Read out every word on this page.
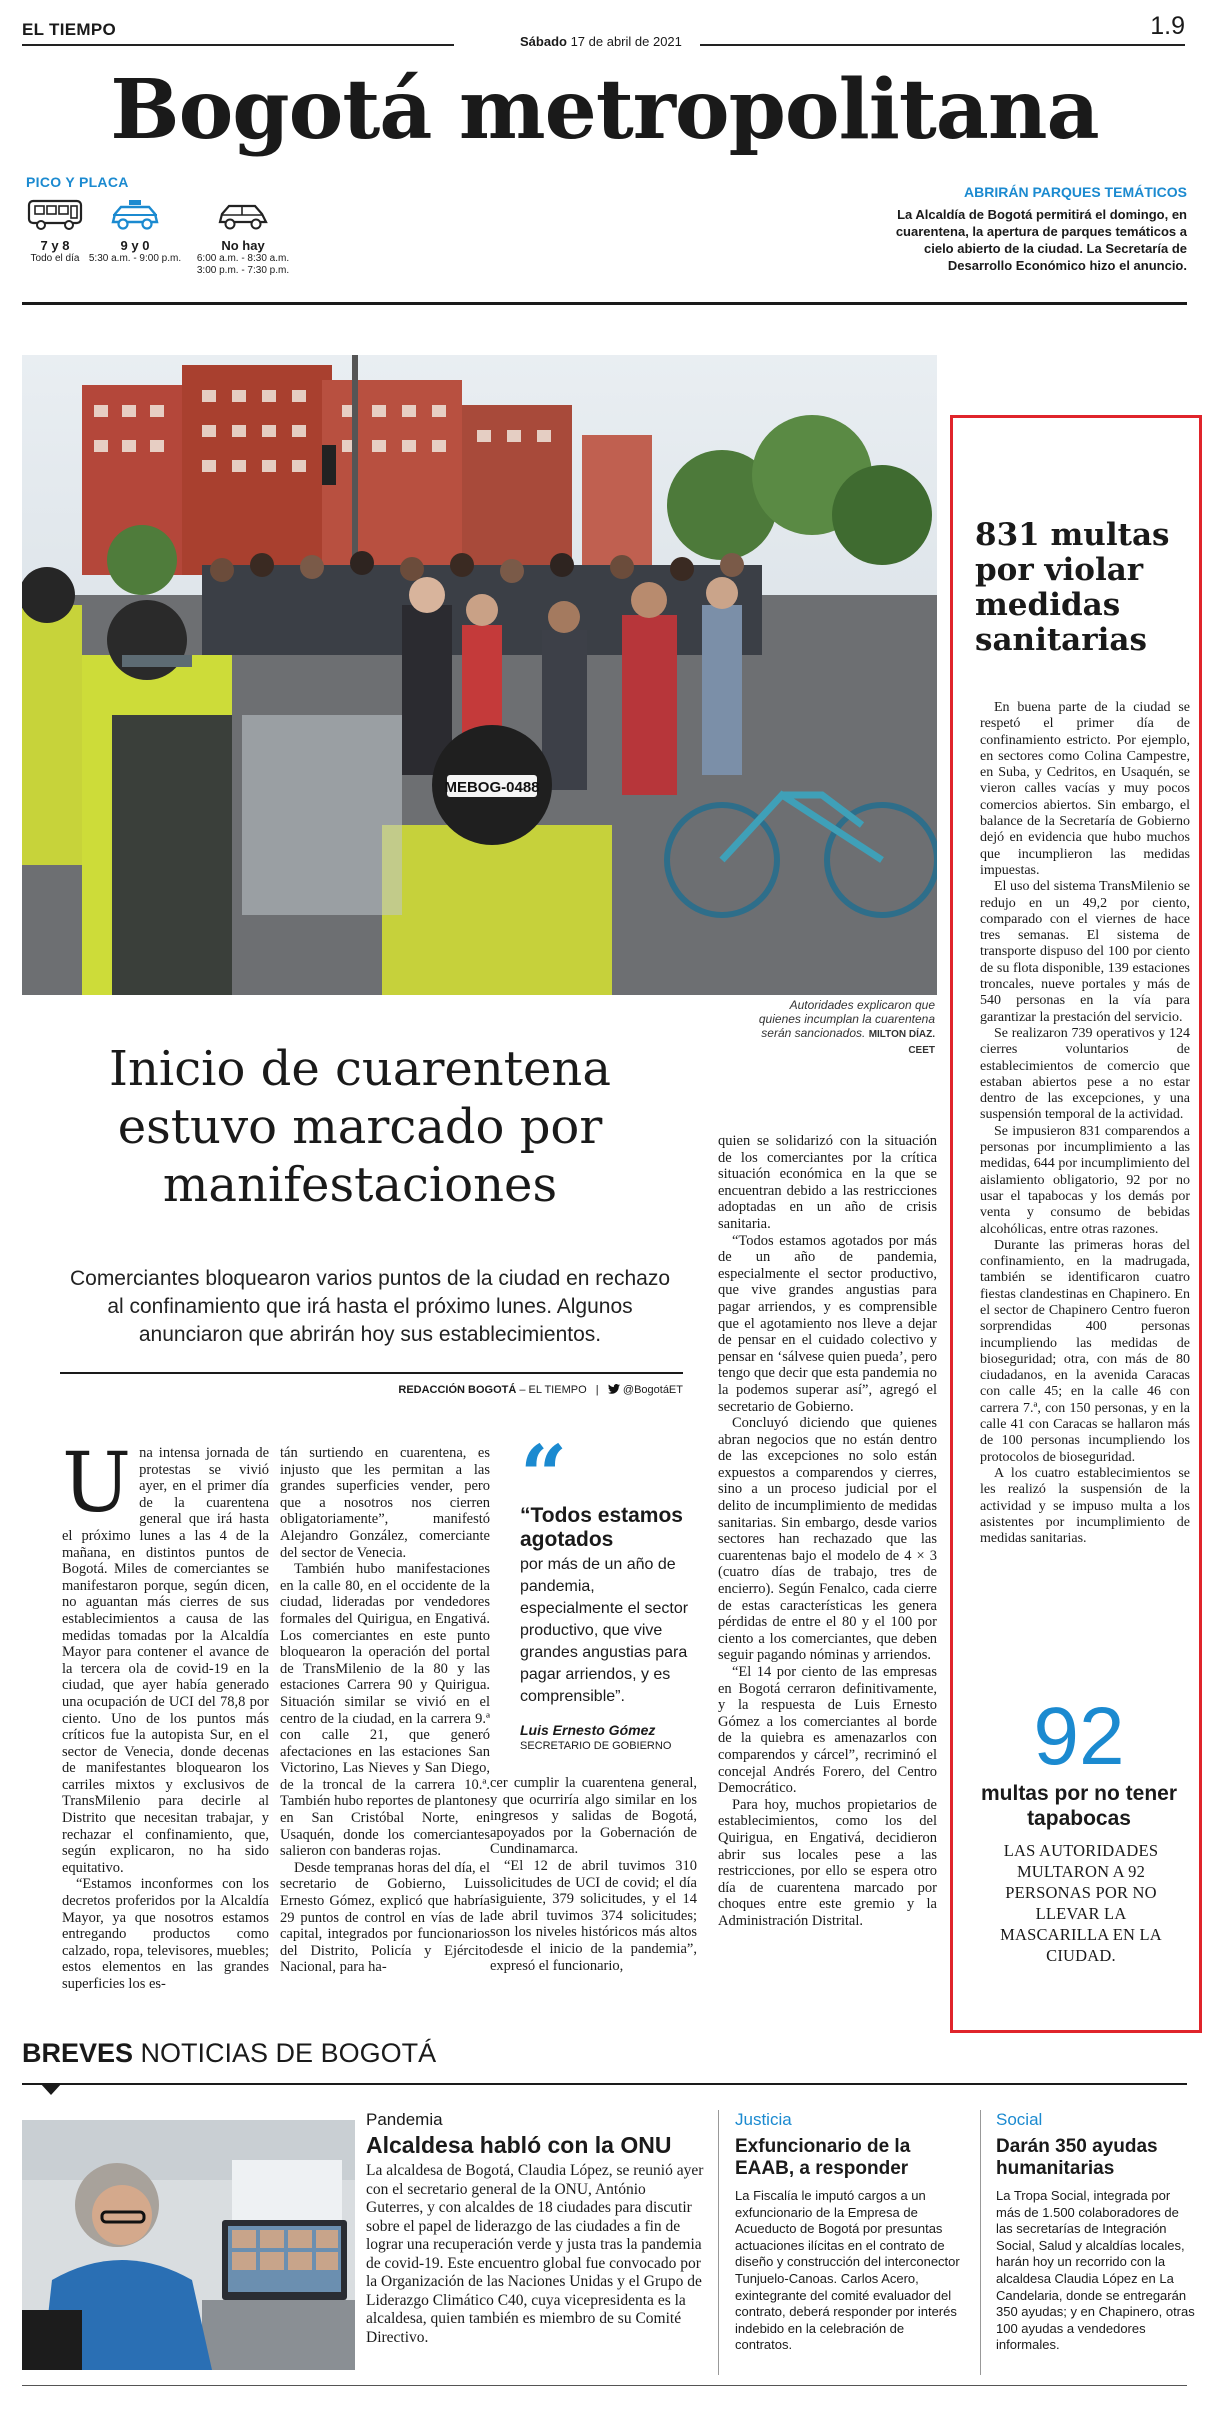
EL TIEMPO
Sábado 17 de abril de 2021
1.9
Bogotá metropolitana
PICO Y PLACA
7 y 8
Todo el día
9 y 0
5:30 a.m. - 9:00 p.m.
No hay
6:00 a.m. - 8:30 a.m.
3:00 p.m. - 7:30 p.m.
ABRIRÁN PARQUES TEMÁTICOS
La Alcaldía de Bogotá permitirá el domingo, en cuarentena, la apertura de parques temáticos a cielo abierto de la ciudad. La Secretaría de Desarrollo Económico hizo el anuncio.
MEBOG-0488
Autoridades explicaron que quienes incumplan la cuarentena serán sancionados. MILTON DÍAZ. CEET
Inicio de cuarentena estuvo marcado por manifestaciones
Comerciantes bloquearon varios puntos de la ciudad en rechazo al confinamiento que irá hasta el próximo lunes. Algunos anunciaron que abrirán hoy sus establecimientos.
REDACCIÓN BOGOTÁ – EL TIEMPO   |    @BogotáET
U na intensa jornada de protestas se vivió ayer, en el primer día de la cuarentena general que irá hasta el próximo lunes a las 4 de la mañana, en distintos puntos de Bogotá. Miles de comerciantes se manifestaron porque, según dicen, no aguantan más cierres de sus establecimientos a causa de las medidas tomadas por la Alcaldía Mayor para contener el avance de la tercera ola de covid-19 en la ciudad, que ayer había generado una ocupación de UCI del 78,8 por ciento. Uno de los puntos más críticos fue la autopista Sur, en el sector de Venecia, donde decenas de manifestantes bloquearon los carriles mixtos y exclusivos de TransMilenio para decirle al Distrito que necesitan trabajar, y rechazar el confinamiento, que, según explicaron, no ha sido equitativo.

“Estamos inconformes con los decretos proferidos por la Alcaldía Mayor, ya que nosotros estamos entregando productos como calzado, ropa, televisores, muebles; estos elementos en las grandes superficies los es-

tán surtiendo en cuarentena, es injusto que les permitan a las grandes superficies vender, pero que a nosotros nos cierren obligatoriamente”, manifestó Alejandro González, comerciante del sector de Venecia.

También hubo manifestaciones en la calle 80, en el occidente de la ciudad, lideradas por vendedores formales del Quirigua, en Engativá. Los comerciantes en este punto bloquearon la operación del portal de TransMilenio de la 80 y las estaciones Carrera 90 y Quirigua. Situación similar se vivió en el centro de la ciudad, en la carrera 9.ª con calle 21, que generó afectaciones en las estaciones San Victorino, Las Nieves y San Diego, de la troncal de la carrera 10.ª. También hubo reportes de plantones en San Cristóbal Norte, en Usaquén, donde los comerciantes salieron con banderas rojas.

Desde tempranas horas del día, el secretario de Gobierno, Luis Ernesto Gómez, explicó que habría 29 puntos de control en vías de la capital, integrados por funcionarios del Distrito, Policía y Ejército Nacional, para ha-

“
“Todos estamos agotados
por más de un año de pandemia, especialmente el sector productivo, que vive grandes angustias para pagar arriendos, y es comprensible”.
Luis Ernesto Gómez
SECRETARIO DE GOBIERNO

cer cumplir la cuarentena general, y que ocurriría algo similar en los ingresos y salidas de Bogotá, apoyados por la Gobernación de Cundinamarca.

“El 12 de abril tuvimos 310 solicitudes de UCI de covid; el día siguiente, 379 solicitudes, y el 14 de abril tuvimos 374 solicitudes; son los niveles históricos más altos desde el inicio de la pandemia”, expresó el funcionario,

quien se solidarizó con la situación de los comerciantes por la crítica situación económica en la que se encuentran debido a las restricciones adoptadas en un año de crisis sanitaria.

“Todos estamos agotados por más de un año de pandemia, especialmente el sector productivo, que vive grandes angustias para pagar arriendos, y es comprensible que el agotamiento nos lleve a dejar de pensar en el cuidado colectivo y pensar en ‘sálvese quien pueda’, pero tengo que decir que esta pandemia no la podemos superar así”, agregó el secretario de Gobierno.

Concluyó diciendo que quienes abran negocios que no están dentro de las excepciones no solo están expuestos a comparendos y cierres, sino a un proceso judicial por el delito de incumplimiento de medidas sanitarias. Sin embargo, desde varios sectores han rechazado que las cuarentenas bajo el modelo de 4 × 3 (cuatro días de trabajo, tres de encierro). Según Fenalco, cada cierre de estas características les genera pérdidas de entre el 80 y el 100 por ciento a los comerciantes, que deben seguir pagando nóminas y arriendos.

“El 14 por ciento de las empresas en Bogotá cerraron definitivamente, y la respuesta de Luis Ernesto Gómez a los comerciantes al borde de la quiebra es amenazarlos con comparendos y cárcel”, recriminó el concejal Andrés Forero, del Centro Democrático.

Para hoy, muchos propietarios de establecimientos, como los del Quirigua, en Engativá, decidieron abrir sus locales pese a las restricciones, por ello se espera otro día de cuarentena marcado por choques entre este gremio y la Administración Distrital.

831 multas por violar medidas sanitarias

En buena parte de la ciudad se respetó el primer día de confinamiento estricto. Por ejemplo, en sectores como Colina Campestre, en Suba, y Cedritos, en Usaquén, se vieron calles vacías y muy pocos comercios abiertos. Sin embargo, el balance de la Secretaría de Gobierno dejó en evidencia que hubo muchos que incumplieron las medidas impuestas.

El uso del sistema TransMilenio se redujo en un 49,2 por ciento, comparado con el viernes de hace tres semanas. El sistema de transporte dispuso del 100 por ciento de su flota disponible, 139 estaciones troncales, nueve portales y más de 540 personas en la vía para garantizar la prestación del servicio.

Se realizaron 739 operativos y 124 cierres voluntarios de establecimientos de comercio que estaban abiertos pese a no estar dentro de las excepciones, y una suspensión temporal de la actividad.

Se impusieron 831 comparendos a personas por incumplimiento a las medidas, 644 por incumplimiento del aislamiento obligatorio, 92 por no usar el tapabocas y los demás por venta y consumo de bebidas alcohólicas, entre otras razones.

Durante las primeras horas del confinamiento, en la madrugada, también se identificaron cuatro fiestas clandestinas en Chapinero. En el sector de Chapinero Centro fueron sorprendidas 400 personas incumpliendo las medidas de bioseguridad; otra, con más de 80 ciudadanos, en la avenida Caracas con calle 45; en la calle 46 con carrera 7.ª, con 150 personas, y en la calle 41 con Caracas se hallaron más de 100 personas incumpliendo los protocolos de bioseguridad.

A los cuatro establecimientos se les realizó la suspensión de la actividad y se impuso multa a los asistentes por incumplimiento de medidas sanitarias.

92
multas por no tener tapabocas
LAS AUTORIDADES MULTARON A 92 PERSONAS POR NO LLEVAR LA MASCARILLA EN LA CIUDAD.
BREVES NOTICIAS DE BOGOTÁ
Pandemia
Alcaldesa habló con la ONU
La alcaldesa de Bogotá, Claudia López, se reunió ayer con el secretario general de la ONU, António Guterres, y con alcaldes de 18 ciudades para discutir sobre el papel de liderazgo de las ciudades a fin de lograr una recuperación verde y justa tras la pandemia de covid-19. Este encuentro global fue convocado por la Organización de las Naciones Unidas y el Grupo de Liderazgo Climático C40, cuya vicepresidenta es la alcaldesa, quien también es miembro de su Comité Directivo.
Justicia
Exfuncionario de la EAAB, a responder
La Fiscalía le imputó cargos a un exfuncionario de la Empresa de Acueducto de Bogotá por presuntas actuaciones ilícitas en el contrato de diseño y construcción del interconector Tunjuelo-Canoas. Carlos Acero, exintegrante del comité evaluador del contrato, deberá responder por interés indebido en la celebración de contratos.
Social
Darán 350 ayudas humanitarias
La Tropa Social, integrada por más de 1.500 colaboradores de las secretarías de Integración Social, Salud y alcaldías locales, harán hoy un recorrido con la alcaldesa Claudia López en La Candelaria, donde se entregarán 350 ayudas; y en Chapinero, otras 100 ayudas a vendedores informales.
